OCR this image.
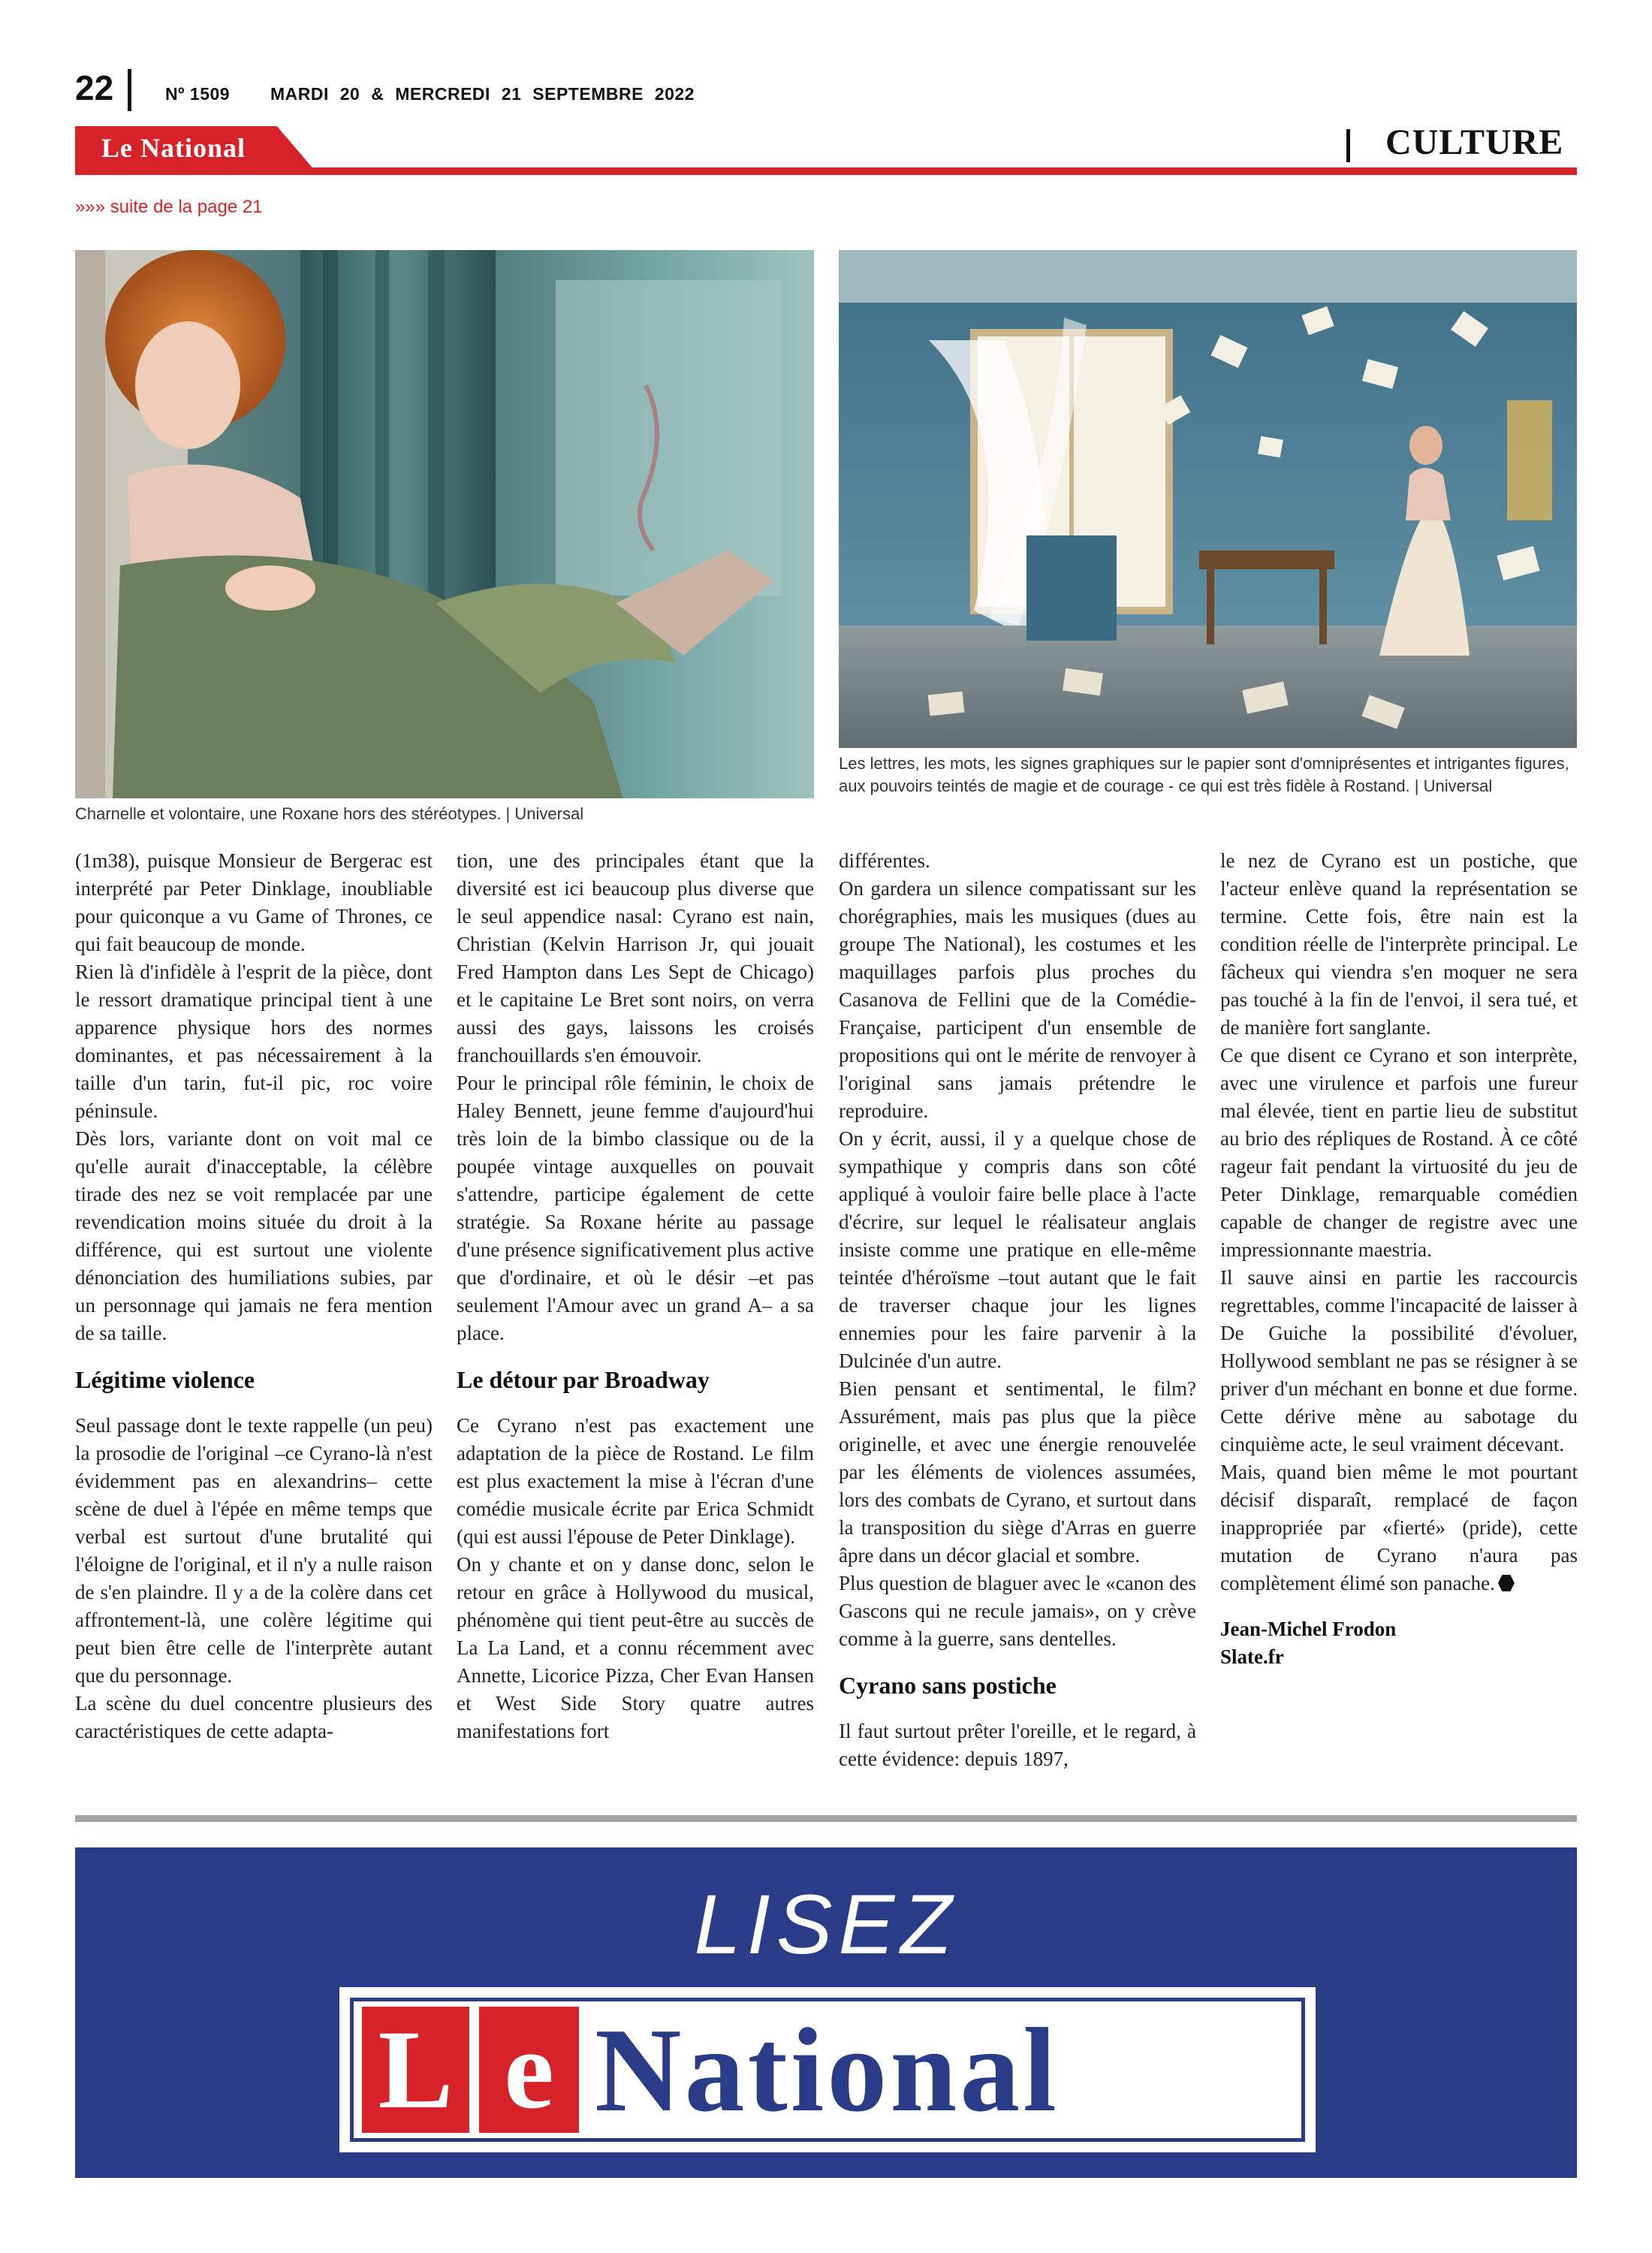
22	Nº 1509 MARDI 20 & MERCREDI 21 SEPTEMBRE 2022
Le National	CULTURE
»»» suite de la page 21
Charnelle et volontaire, une Roxane hors des stéréotypes. | Universal
Les lettres, les mots, les signes graphiques sur le papier sont d'omniprésentes et intrigantes figures, aux pouvoirs teintés de magie et de courage - ce qui est très fidèle à Rostand. | Universal

(1m38), puisque Monsieur de Bergerac est interprété par Peter Dinklage, inoubliable pour quiconque a vu Game of Thrones, ce qui fait beaucoup de monde.

Rien là d'infidèle à l'esprit de la pièce, dont le ressort dramatique principal tient à une apparence physique hors des normes dominantes, et pas nécessairement à la taille d'un tarin, fut-il pic, roc voire péninsule.

Dès lors, variante dont on voit mal ce qu'elle aurait d'inacceptable, la célèbre tirade des nez se voit remplacée par une revendication moins située du droit à la différence, qui est surtout une violente dénonciation des humiliations subies, par un personnage qui jamais ne fera mention de sa taille.

Légitime violence

Seul passage dont le texte rappelle (un peu) la prosodie de l'original –ce Cyrano-là n'est évidemment pas en alexandrins– cette scène de duel à l'épée en même temps que verbal est surtout d'une brutalité qui l'éloigne de l'original, et il n'y a nulle raison de s'en plaindre. Il y a de la colère dans cet affrontement-là, une colère légitime qui peut bien être celle de l'interprète autant que du personnage.

La scène du duel concentre plusieurs des caractéristiques de cette adapta-

tion, une des principales étant que la diversité est ici beaucoup plus diverse que le seul appendice nasal: Cyrano est nain, Christian (Kelvin Harrison Jr, qui jouait Fred Hampton dans Les Sept de Chicago) et le capitaine Le Bret sont noirs, on verra aussi des gays, laissons les croisés franchouillards s'en émouvoir.

Pour le principal rôle féminin, le choix de Haley Bennett, jeune femme d'aujourd'hui très loin de la bimbo classique ou de la poupée vintage auxquelles on pouvait s'attendre, participe également de cette stratégie. Sa Roxane hérite au passage d'une présence significativement plus active que d'ordinaire, et où le désir –et pas seulement l'Amour avec un grand A– a sa place.

Le détour par Broadway

Ce Cyrano n'est pas exactement une adaptation de la pièce de Rostand. Le film est plus exactement la mise à l'écran d'une comédie musicale écrite par Erica Schmidt (qui est aussi l'épouse de Peter Dinklage).

On y chante et on y danse donc, selon le retour en grâce à Hollywood du musical, phénomène qui tient peut-être au succès de La La Land, et a connu récemment avec Annette, Licorice Pizza, Cher Evan Hansen et West Side Story quatre autres manifestations fort

différentes.

On gardera un silence compatissant sur les chorégraphies, mais les musiques (dues au groupe The National), les costumes et les maquillages parfois plus proches du Casanova de Fellini que de la Comédie-Française, participent d'un ensemble de propositions qui ont le mérite de renvoyer à l'original sans jamais prétendre le reproduire.

On y écrit, aussi, il y a quelque chose de sympathique y compris dans son côté appliqué à vouloir faire belle place à l'acte d'écrire, sur lequel le réalisateur anglais insiste comme une pratique en elle-même teintée d'héroïsme –tout autant que le fait de traverser chaque jour les lignes ennemies pour les faire parvenir à la Dulcinée d'un autre.

Bien pensant et sentimental, le film? Assurément, mais pas plus que la pièce originelle, et avec une énergie renouvelée par les éléments de violences assumées, lors des combats de Cyrano, et surtout dans la transposition du siège d'Arras en guerre âpre dans un décor glacial et sombre.

Plus question de blaguer avec le «canon des Gascons qui ne recule jamais», on y crève comme à la guerre, sans dentelles.

Cyrano sans postiche

Il faut surtout prêter l'oreille, et le regard, à cette évidence: depuis 1897,

le nez de Cyrano est un postiche, que l'acteur enlève quand la représentation se termine. Cette fois, être nain est la condition réelle de l'interprète principal. Le fâcheux qui viendra s'en moquer ne sera pas touché à la fin de l'envoi, il sera tué, et de manière fort sanglante.

Ce que disent ce Cyrano et son interprète, avec une virulence et parfois une fureur mal élevée, tient en partie lieu de substitut au brio des répliques de Rostand. À ce côté rageur fait pendant la virtuosité du jeu de Peter Dinklage, remarquable comédien capable de changer de registre avec une impressionnante maestria.

Il sauve ainsi en partie les raccourcis regrettables, comme l'incapacité de laisser à De Guiche la possibilité d'évoluer, Hollywood semblant ne pas se résigner à se priver d'un méchant en bonne et due forme. Cette dérive mène au sabotage du cinquième acte, le seul vraiment décevant.

Mais, quand bien même le mot pourtant décisif disparaît, remplacé de façon inappropriée par «fierté» (pride), cette mutation de Cyrano n'aura pas complètement élimé son panache.

Jean-Michel Frodon
Slate.fr
LISEZ
L e National
